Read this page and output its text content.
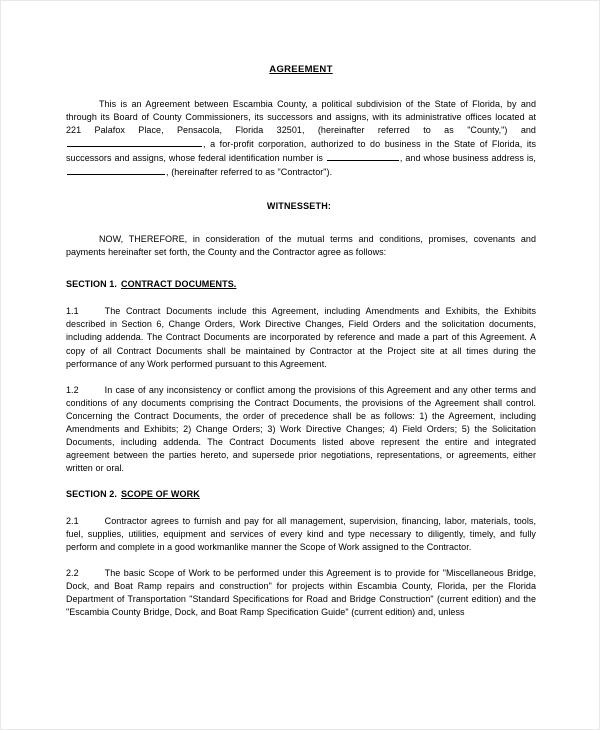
AGREEMENT

This is an Agreement between Escambia County, a political subdivision of the State of Florida, by and through its Board of County Commissioners, its successors and assigns, with its administrative offices located at 221 Palafox Place, Pensacola, Florida 32501, (hereinafter referred to as "County,") and , a for-profit corporation, authorized to do business in the State of Florida, its successors and assigns, whose federal identification number is	, and whose business address is,, (hereinafter referred to as "Contractor").

WITNESSETH:

NOW, THEREFORE, in consideration of the mutual terms and conditions, promises, covenants and payments hereinafter set forth, the County and the Contractor agree as follows:

SECTION 1. CONTRACT DOCUMENTS.

1.1	The Contract Documents include this Agreement, including Amendments and Exhibits, the Exhibits described in Section 6, Change Orders, Work Directive Changes, Field Orders and the solicitation documents, including addenda. The Contract Documents are incorporated by reference and made a part of this Agreement. A copy of all Contract Documents shall be maintained by Contractor at the Project site at all times during the performance of any Work performed pursuant to this Agreement.

1.2	In case of any inconsistency or conflict among the provisions of this Agreement and any other terms and conditions of any documents comprising the Contract Documents, the provisions of the Agreement shall control. Concerning the Contract Documents, the order of precedence shall be as follows: 1) the Agreement, including Amendments and Exhibits; 2) Change Orders; 3) Work Directive Changes; 4) Field Orders; 5) the Solicitation Documents, including addenda. The Contract Documents listed above represent the entire and integrated agreement between the parties hereto, and supersede prior negotiations, representations, or agreements, either written or oral.

SECTION 2. SCOPE OF WORK

2.1	Contractor agrees to furnish and pay for all management, supervision, financing, labor, materials, tools, fuel, supplies, utilities, equipment and services of every kind and type necessary to diligently, timely, and fully perform and complete in a good workmanlike manner the Scope of Work assigned to the Contractor.

2.2	The basic Scope of Work to be performed under this Agreement is to provide for "Miscellaneous Bridge, Dock, and Boat Ramp repairs and construction" for projects within Escambia County, Florida, per the Florida Department of Transportation "Standard Specifications for Road and Bridge Construction" (current edition) and the "Escambia County Bridge, Dock, and Boat Ramp Specification Guide" (current edition) and, unless
